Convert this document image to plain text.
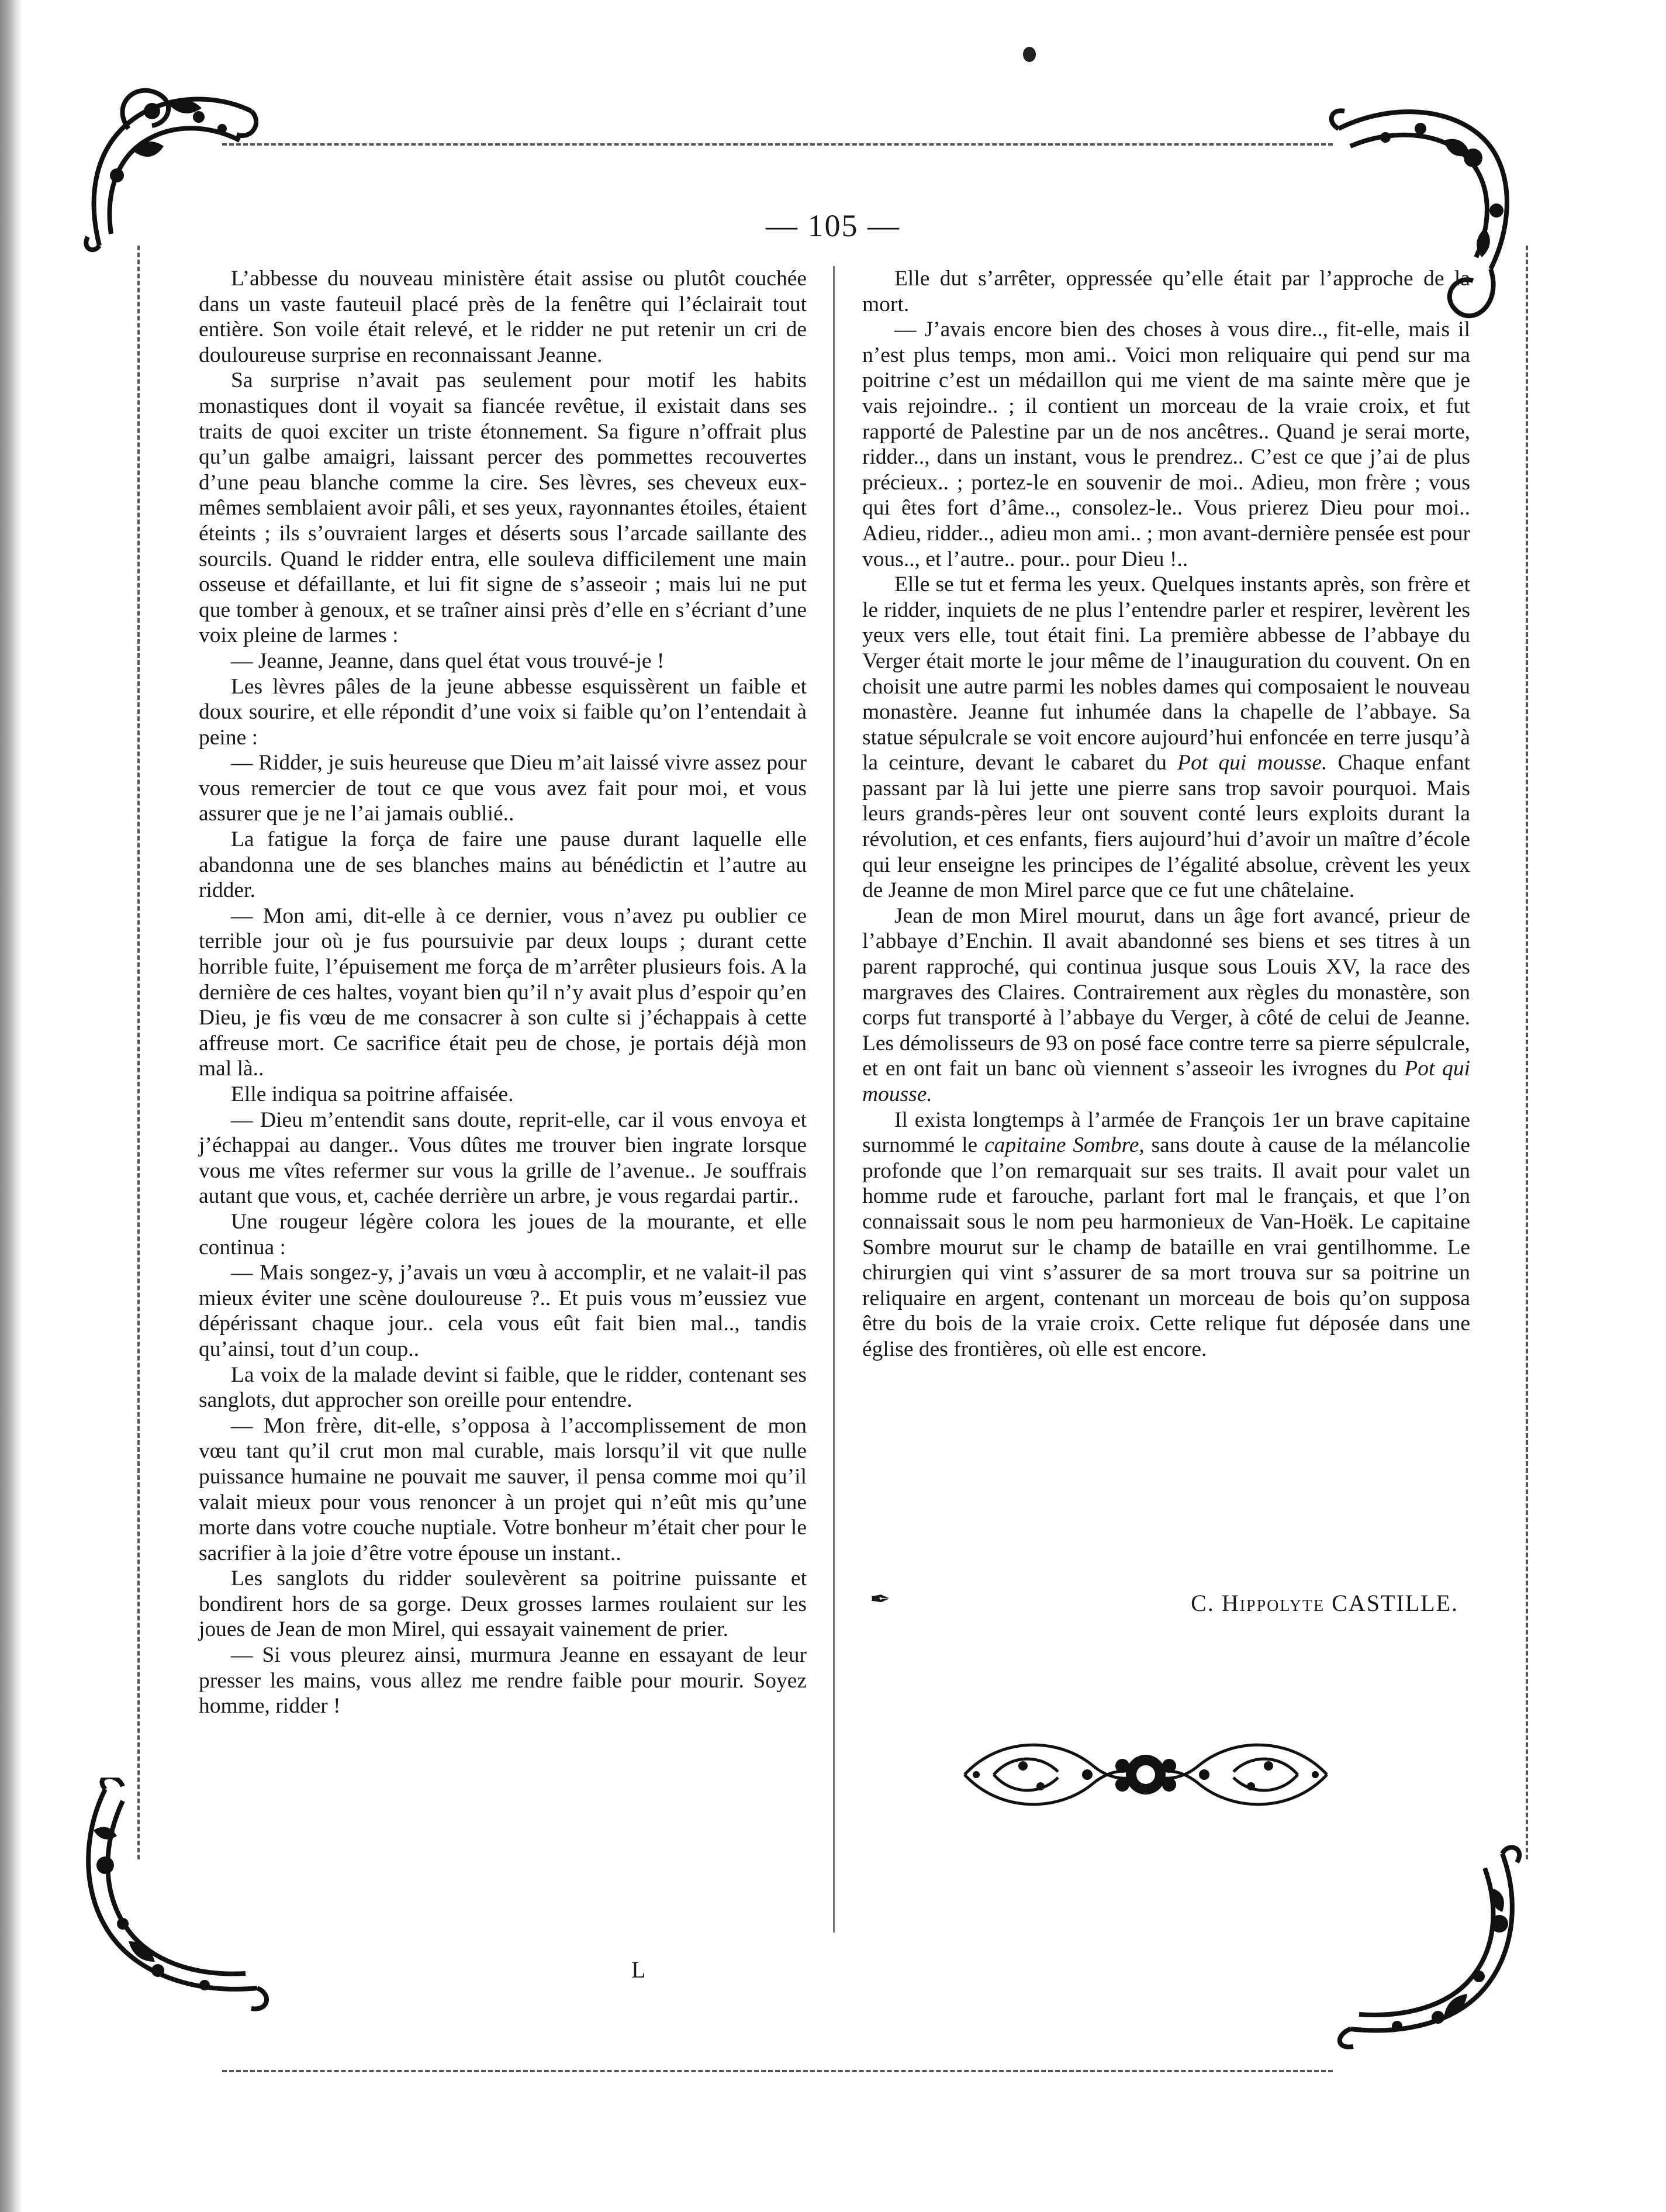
— 105 —

L’abbesse du nouveau ministère était assise ou plutôt couchée dans un vaste fauteuil placé près de la fenêtre qui l’éclairait tout entière. Son voile était relevé, et le ridder ne put retenir un cri de douloureuse surprise en reconnaissant Jeanne.

Sa surprise n’avait pas seulement pour motif les habits monastiques dont il voyait sa fiancée revêtue, il existait dans ses traits de quoi exciter un triste étonnement. Sa figure n’offrait plus qu’un galbe amaigri, laissant percer des pommettes recouvertes d’une peau blanche comme la cire. Ses lèvres, ses cheveux eux-mêmes semblaient avoir pâli, et ses yeux, rayonnantes étoiles, étaient éteints ; ils s’ouvraient larges et déserts sous l’arcade saillante des sourcils. Quand le ridder entra, elle souleva difficilement une main osseuse et défaillante, et lui fit signe de s’asseoir ; mais lui ne put que tomber à genoux, et se traîner ainsi près d’elle en s’écriant d’une voix pleine de larmes :

— Jeanne, Jeanne, dans quel état vous trouvé-je !

Les lèvres pâles de la jeune abbesse esquissèrent un faible et doux sourire, et elle répondit d’une voix si faible qu’on l’entendait à peine :

— Ridder, je suis heureuse que Dieu m’ait laissé vivre assez pour vous remercier de tout ce que vous avez fait pour moi, et vous assurer que je ne l’ai jamais oublié..

La fatigue la força de faire une pause durant laquelle elle abandonna une de ses blanches mains au bénédictin et l’autre au ridder.

— Mon ami, dit-elle à ce dernier, vous n’avez pu oublier ce terrible jour où je fus poursuivie par deux loups ; durant cette horrible fuite, l’épuisement me força de m’arrêter plusieurs fois. A la dernière de ces haltes, voyant bien qu’il n’y avait plus d’espoir qu’en Dieu, je fis vœu de me consacrer à son culte si j’échappais à cette affreuse mort. Ce sacrifice était peu de chose, je portais déjà mon mal là..

Elle indiqua sa poitrine affaisée.

— Dieu m’entendit sans doute, reprit-elle, car il vous envoya et j’échappai au danger.. Vous dûtes me trouver bien ingrate lorsque vous me vîtes refermer sur vous la grille de l’avenue.. Je souffrais autant que vous, et, cachée derrière un arbre, je vous regardai partir..

Une rougeur légère colora les joues de la mourante, et elle continua :

— Mais songez-y, j’avais un vœu à accomplir, et ne valait-il pas mieux éviter une scène douloureuse ?.. Et puis vous m’eussiez vue dépérissant chaque jour.. cela vous eût fait bien mal.., tandis qu’ainsi, tout d’un coup..

La voix de la malade devint si faible, que le ridder, contenant ses sanglots, dut approcher son oreille pour entendre.

— Mon frère, dit-elle, s’opposa à l’accomplissement de mon vœu tant qu’il crut mon mal curable, mais lorsqu’il vit que nulle puissance humaine ne pouvait me sauver, il pensa comme moi qu’il valait mieux pour vous renoncer à un projet qui n’eût mis qu’une morte dans votre couche nuptiale. Votre bonheur m’était cher pour le sacrifier à la joie d’être votre épouse un instant..

Les sanglots du ridder soulevèrent sa poitrine puissante et bondirent hors de sa gorge. Deux grosses larmes roulaient sur les joues de Jean de mon Mirel, qui essayait vainement de prier.

— Si vous pleurez ainsi, murmura Jeanne en essayant de leur presser les mains, vous allez me rendre faible pour mourir. Soyez homme, ridder !

Elle dut s’arrêter, oppressée qu’elle était par l’approche de la mort.

— J’avais encore bien des choses à vous dire.., fit-elle, mais il n’est plus temps, mon ami.. Voici mon reliquaire qui pend sur ma poitrine c’est un médaillon qui me vient de ma sainte mère que je vais rejoindre.. ; il contient un morceau de la vraie croix, et fut rapporté de Palestine par un de nos ancêtres.. Quand je serai morte, ridder.., dans un instant, vous le prendrez.. C’est ce que j’ai de plus précieux.. ; portez-le en souvenir de moi.. Adieu, mon frère ; vous qui êtes fort d’âme.., consolez-le.. Vous prierez Dieu pour moi.. Adieu, ridder.., adieu mon ami.. ; mon avant-dernière pensée est pour vous.., et l’autre.. pour.. pour Dieu !..

Elle se tut et ferma les yeux. Quelques instants après, son frère et le ridder, inquiets de ne plus l’entendre parler et respirer, levèrent les yeux vers elle, tout était fini. La première abbesse de l’abbaye du Verger était morte le jour même de l’inauguration du couvent. On en choisit une autre parmi les nobles dames qui composaient le nouveau monastère. Jeanne fut inhumée dans la chapelle de l’abbaye. Sa statue sépulcrale se voit encore aujourd’hui enfoncée en terre jusqu’à la ceinture, devant le cabaret du Pot qui mousse. Chaque enfant passant par là lui jette une pierre sans trop savoir pourquoi. Mais leurs grands-pères leur ont souvent conté leurs exploits durant la révolution, et ces enfants, fiers aujourd’hui d’avoir un maître d’école qui leur enseigne les principes de l’égalité absolue, crèvent les yeux de Jeanne de mon Mirel parce que ce fut une châtelaine.

Jean de mon Mirel mourut, dans un âge fort avancé, prieur de l’abbaye d’Enchin. Il avait abandonné ses biens et ses titres à un parent rapproché, qui continua jusque sous Louis XV, la race des margraves des Claires. Contrairement aux règles du monastère, son corps fut transporté à l’abbaye du Verger, à côté de celui de Jeanne. Les démolisseurs de 93 on posé face contre terre sa pierre sépulcrale, et en ont fait un banc où viennent s’asseoir les ivrognes du Pot qui mousse.

Il exista longtemps à l’armée de François 1er un brave capitaine surnommé le capitaine Sombre, sans doute à cause de la mélancolie profonde que l’on remarquait sur ses traits. Il avait pour valet un homme rude et farouche, parlant fort mal le français, et que l’on connaissait sous le nom peu harmonieux de Van-Hoëk. Le capitaine Sombre mourut sur le champ de bataille en vrai gentilhomme. Le chirurgien qui vint s’assurer de sa mort trouva sur sa poitrine un reliquaire en argent, contenant un morceau de bois qu’on supposa être du bois de la vraie croix. Cette relique fut déposée dans une église des frontières, où elle est encore.

✒	C. Hippolyte CASTILLE.
L
